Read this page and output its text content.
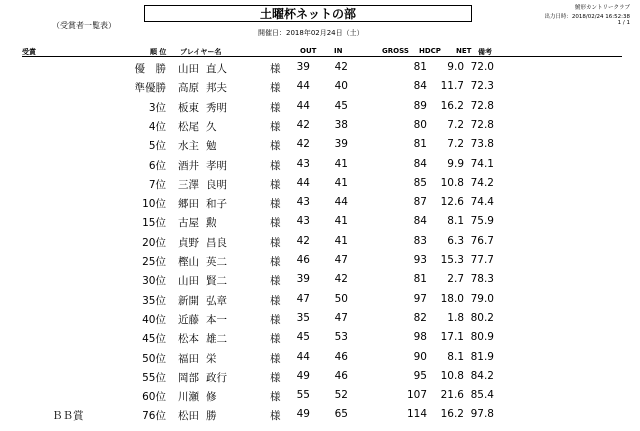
（受賞者一覧表）
土曜杯ネットの部
開催日：2018年02月24日（土）
鮒形カントリークラブ
出力日時：2018/02/24 16:52:38
1 / 1
受賞	順 位 プレイヤー名	OUT	IN	GROSS HDCP NET 備考
優　勝 山田 直人	様 39 42	81 9.0 72.0
準優勝 高原 邦夫	様 44 40	84 11.7 72.3
3位 板東 秀明	様 44 45	89 16.2 72.8
4位 松尾 久	様 42 38	80 7.2 72.8
5位 水主 勉	様 42 39	81 7.2 73.8
6位 酒井 孝明	様 43 41	84 9.9 74.1
7位 三澤 良明	様 44 41	85 10.8 74.2
10位 郷田 和子	様 43 44	87 12.6 74.4
15位 古屋 勲	様 43 41	84 8.1 75.9
20位 貞野 昌良	様 42 41	83 6.3 76.7
25位 樫山 英二	様 46 47	93 15.3 77.7
30位 山田 賢二	様 39 42	81 2.7 78.3
35位 新開 弘章	様 47 50	97 18.0 79.0
40位 近藤 本一	様 35 47	82 1.8 80.2
45位 松本 雄二	様 45 53	98 17.1 80.9
50位 福田 栄	様 44 46	90 8.1 81.9
55位 岡部 政行	様 49 46	95 10.8 84.2
60位 川瀬 修	様 55 52	107 21.6 85.4
ＢＢ賞	76位 松田 勝	様 49 65	114 16.2 97.8
